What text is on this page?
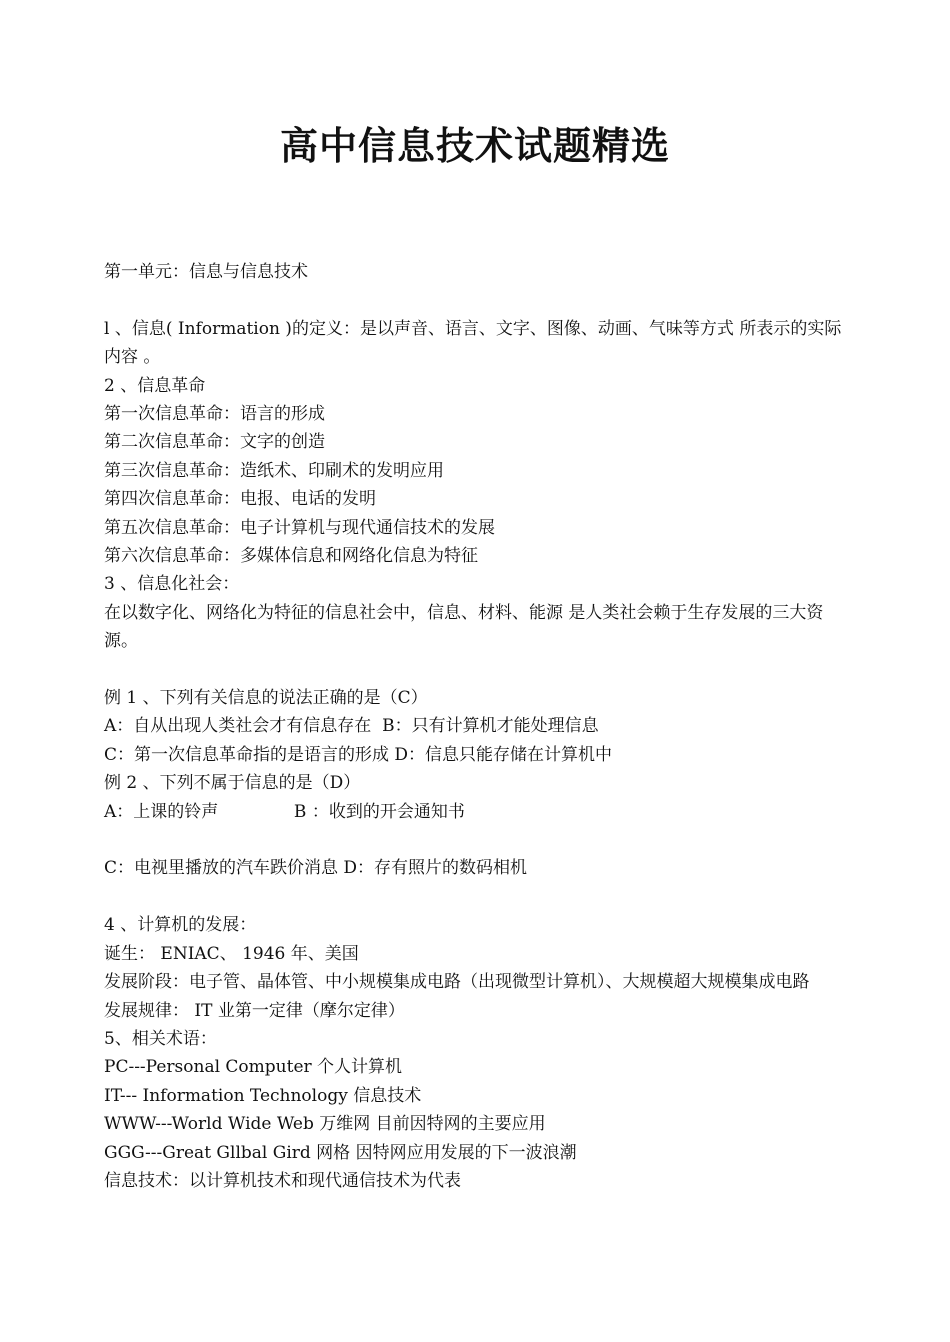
高中信息技术试题精选
第一单元：信息与信息技术
l 、信息( Information )的定义：是以声音、语言、文字、图像、动画、气味等方式 所表示的实际内容 。
2 、信息革命
第一次信息革命：语言的形成
第二次信息革命：文字的创造
第三次信息革命：造纸术、印刷术的发明应用
第四次信息革命：电报、电话的发明
第五次信息革命：电子计算机与现代通信技术的发展
第六次信息革命：多媒体信息和网络化信息为特征
3 、信息化社会：
在以数字化、网络化为特征的信息社会中，信息、材料、能源 是人类社会赖于生存发展的三大资源。
例 1 、下列有关信息的说法正确的是（C）
A：自从出现人类社会才有信息存在  B：只有计算机才能处理信息
C：第一次信息革命指的是语言的形成 D：信息只能存储在计算机中
例 2 、下列不属于信息的是（D）
A：上课的铃声              B ：收到的开会通知书
C：电视里播放的汽车跌价消息 D：存有照片的数码相机
4 、计算机的发展：
诞生： ENIAC、 1946 年、美国
发展阶段：电子管、晶体管、中小规模集成电路（出现微型计算机）、大规模超大规模集成电路
发展规律： IT 业第一定律（摩尔定律）
5、相关术语：
PC---Personal Computer 个人计算机
IT--- Information Technology 信息技术
WWW---World Wide Web 万维网 目前因特网的主要应用
GGG---Great Gllbal Gird 网格 因特网应用发展的下一波浪潮
信息技术：以计算机技术和现代通信技术为代表
